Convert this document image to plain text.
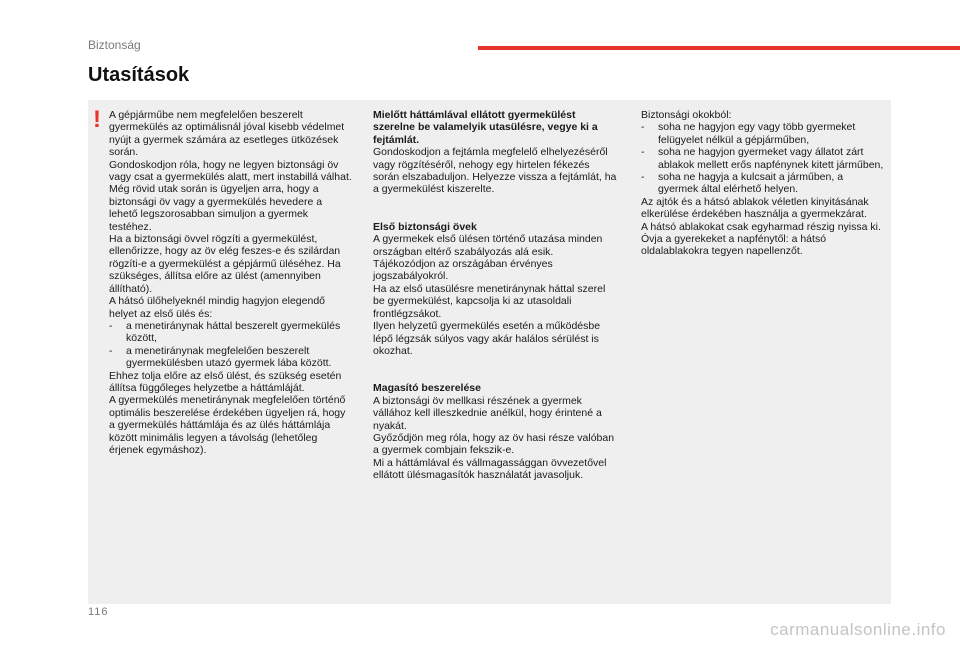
Biztonság
Utasítások
! A gépjárműbe nem megfelelően beszerelt gyermekülés az optimálisnál jóval kisebb védelmet nyújt a gyermek számára az esetleges ütközések során.

Gondoskodjon róla, hogy ne legyen biztonsági öv vagy csat a gyermekülés alatt, mert instabillá válhat.

Még rövid utak során is ügyeljen arra, hogy a biztonsági öv vagy a gyermekülés hevedere a lehető legszorosabban simuljon a gyermek testéhez.

Ha a biztonsági övvel rögzíti a gyermekülést, ellenőrizze, hogy az öv elég feszes-e és szilárdan rögzíti-e a gyermekülést a gépjármű üléséhez. Ha szükséges, állítsa előre az ülést (amennyiben állítható).

A hátsó ülőhelyeknél mindig hagyjon elegendő helyet az első ülés és:

- a menetiránynak háttal beszerelt gyermekülés között,

- a menetiránynak megfelelően beszerelt gyermekülésben utazó gyermek lába között.

Ehhez tolja előre az első ülést, és szükség esetén állítsa függőleges helyzetbe a háttámláját.

A gyermekülés menetiránynak megfelelően történő optimális beszerelése érdekében ügyeljen rá, hogy a gyermekülés háttámlája és az ülés háttámlája között minimális legyen a távolság (lehetőleg érjenek egymáshoz).

Mielőtt háttámlával ellátott gyermekülést szerelne be valamelyik utasülésre, vegye ki a fejtámlát.

Gondoskodjon a fejtámla megfelelő elhelyezéséről vagy rögzítéséről, nehogy egy hirtelen fékezés során elszabaduljon. Helyezze vissza a fejtámlát, ha a gyermekülést kiszerelte.

Első biztonsági övek

A gyermekek első ülésen történő utazása minden országban eltérő szabályozás alá esik. Tájékozódjon az országában érvényes jogszabályokról.

Ha az első utasülésre menetiránynak háttal szerel be gyermekülést, kapcsolja ki az utasoldali frontlégzsákot.

Ilyen helyzetű gyermekülés esetén a működésbe lépő légzsák súlyos vagy akár halálos sérülést is okozhat.

Magasító beszerelése

A biztonsági öv mellkasi részének a gyermek vállához kell illeszkednie anélkül, hogy érintené a nyakát.

Győződjön meg róla, hogy az öv hasi része valóban a gyermek combjain fekszik-e.

Mi a háttámlával és vállmagassággan övvezetővel ellátott ülésmagasítók használatát javasoljuk.

Biztonsági okokból:

- soha ne hagyjon egy vagy több gyermeket felügyelet nélkül a gépjárműben,

- soha ne hagyjon gyermeket vagy állatot zárt ablakok mellett erős napfénynek kitett járműben,

- soha ne hagyja a kulcsait a járműben, a gyermek által elérhető helyen.

Az ajtók és a hátsó ablakok véletlen kinyitásának elkerülése érdekében használja a gyermekzárat.

A hátsó ablakokat csak egyharmad részig nyissa ki.

Óvja a gyerekeket a napfénytől: a hátsó oldalablakokra tegyen napellenzőt.

116
carmanualsonline.info
